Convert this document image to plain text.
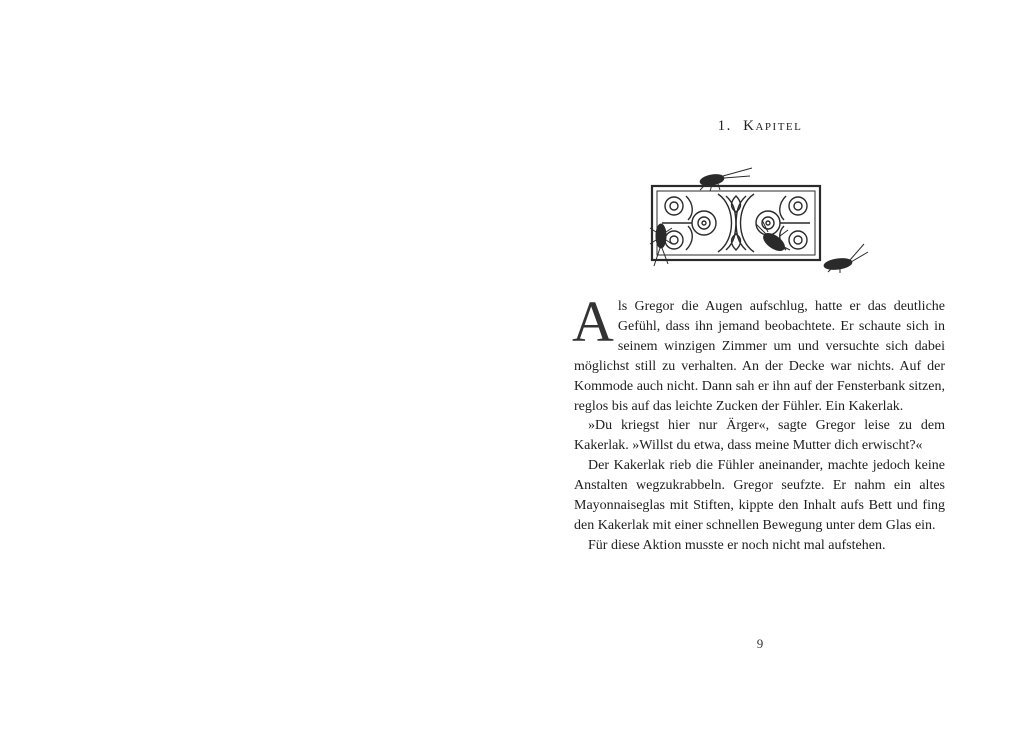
1. Kapitel

Als Gregor die Augen aufschlug, hatte er das deutliche Gefühl, dass ihn jemand beobachtete. Er schaute sich in seinem winzigen Zimmer um und versuchte sich dabei möglichst still zu verhalten. An der Decke war nichts. Auf der Kommode auch nicht. Dann sah er ihn auf der Fensterbank sitzen, reglos bis auf das leichte Zucken der Fühler. Ein Kakerlak.

»Du kriegst hier nur Ärger«, sagte Gregor leise zu dem Kakerlak. »Willst du etwa, dass meine Mutter dich erwischt?«

Der Kakerlak rieb die Fühler aneinander, machte jedoch keine Anstalten wegzukrabbeln. Gregor seufzte. Er nahm ein altes Mayonnaiseglas mit Stiften, kippte den Inhalt aufs Bett und fing den Kakerlak mit einer schnellen Bewegung unter dem Glas ein.

Für diese Aktion musste er noch nicht mal aufstehen.

9
